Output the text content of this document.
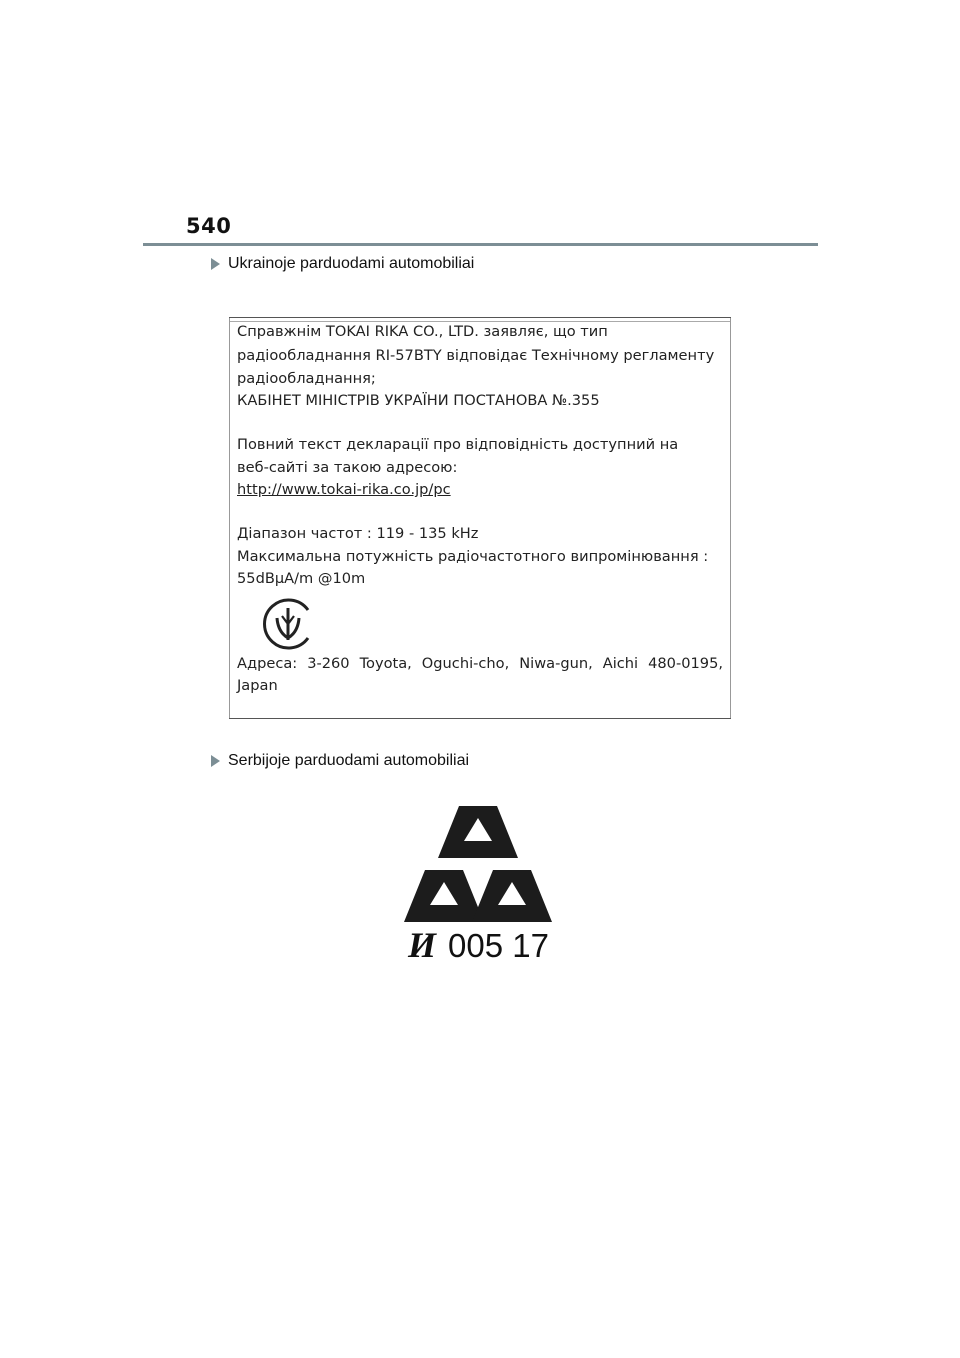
540
Ukrainoje parduodami automobiliai
Справжнім TOKAI RIKA CO., LTD. заявляє, що тип
радіообладнання RI-57BTY відповідає Технічному регламенту
радіообладнання;
КАБІНЕТ МІНІСТРІВ УКРАЇНИ ПОСТАНОВА №.355
Повний текст декларації про відповідність доступний на
веб-сайті за такою адресою:
http://www.tokai-rika.co.jp/pc
Діапазон частот : 119 - 135 kHz
Максимальна потужність радіочастотного випромінювання :
55dBµA/m @10m
Адреса: 3-260 Toyota, Oguchi-cho, Niwa-gun, Aichi 480-0195,
Japan
Serbijoje parduodami automobiliai
И 005 17
